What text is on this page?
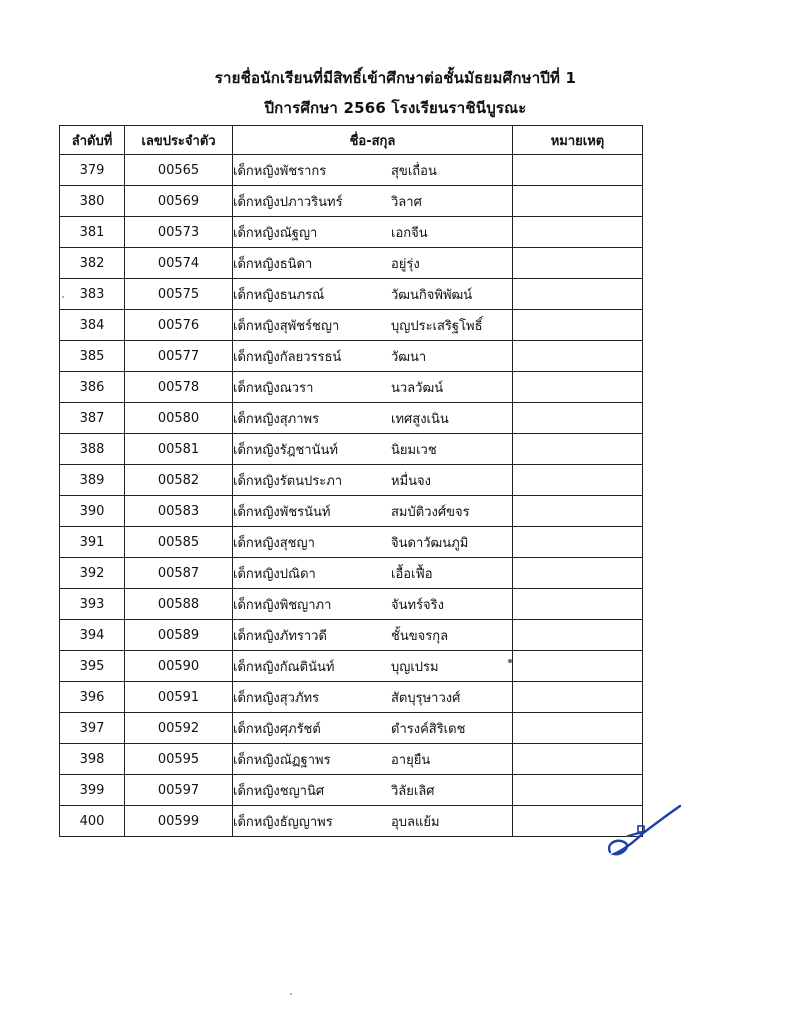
รายชื่อนักเรียนที่มีสิทธิ์เข้าศึกษาต่อชั้นมัธยมศึกษาปีที่ 1
ปีการศึกษา 2566 โรงเรียนราชินีบูรณะ
ลำดับที่	เลขประจำตัว	ชื่อ-สกุล	หมายเหตุ
379	00565	เด็กหญิงพัชรากร สุขเถื่อน	
380	00569	เด็กหญิงปภาวรินทร์ วิลาศ	
381	00573	เด็กหญิงณัฐญา เอกจีน	
382	00574	เด็กหญิงธนิดา อยู่รุ่ง	
383	00575	เด็กหญิงธนภรณ์ วัฒนกิจพิพัฒน์	
384	00576	เด็กหญิงสุพัชร์ชญา บุญประเสริฐโพธิ์	
385	00577	เด็กหญิงกัลยวรรธน์ วัฒนา	
386	00578	เด็กหญิงณวรา นวลวัฒน์	
387	00580	เด็กหญิงสุภาพร เทศสูงเนิน	
388	00581	เด็กหญิงรัฎชานันท์ นิยมเวช	
389	00582	เด็กหญิงรัตนประภา หมื่นจง	
390	00583	เด็กหญิงพัชรนันท์ สมบัติวงศ์ขจร	
391	00585	เด็กหญิงสุชญา จินดาวัฒนภูมิ	
392	00587	เด็กหญิงปณิดา เอื้อเฟื้อ	
393	00588	เด็กหญิงพิชญาภา จันทร์จริง	
394	00589	เด็กหญิงภัทราวดี ชั้นขจรกุล	
395	00590	เด็กหญิงกัณตินันท์ บุญเปรม	
396	00591	เด็กหญิงสุวภัทร สัตบุรุษาวงศ์	
397	00592	เด็กหญิงศุภรัชต์ ดำรงค์สิริเดช	
398	00595	เด็กหญิงณัฏฐาพร อายุยืน	
399	00597	เด็กหญิงชญานิศ วิลัยเลิศ	
400	00599	เด็กหญิงธัญญาพร อุบลแย้ม	
